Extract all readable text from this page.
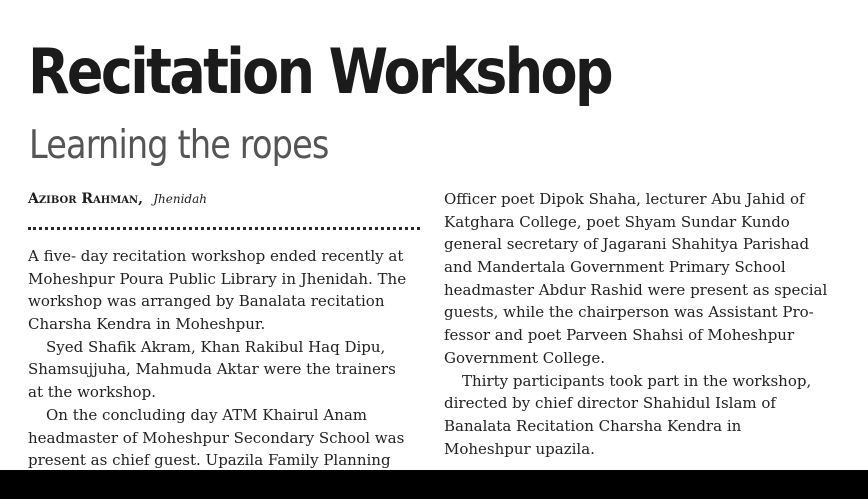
Recitation Workshop
Learning the ropes
Azibor Rahman, Jhenidah
A five- day recitation workshop ended recently at
Moheshpur Poura Public Library in Jhenidah. The
workshop was arranged by Banalata recitation
Charsha Kendra in Moheshpur.
Syed Shafik Akram, Khan Rakibul Haq Dipu,
Shamsujjuha, Mahmuda Aktar were the trainers
at the workshop.
On the concluding day ATM Khairul Anam
headmaster of Moheshpur Secondary School was
present as chief guest. Upazila Family Planning
Officer poet Dipok Shaha, lecturer Abu Jahid of
Katghara College, poet Shyam Sundar Kundo
general secretary of Jagarani Shahitya Parishad
and Mandertala Government Primary School
headmaster Abdur Rashid were present as special
guests, while the chairperson was Assistant Pro-
fessor and poet Parveen Shahsi of Moheshpur
Government College.
Thirty participants took part in the workshop,
directed by chief director Shahidul Islam of
Banalata Recitation Charsha Kendra in
Moheshpur upazila.
